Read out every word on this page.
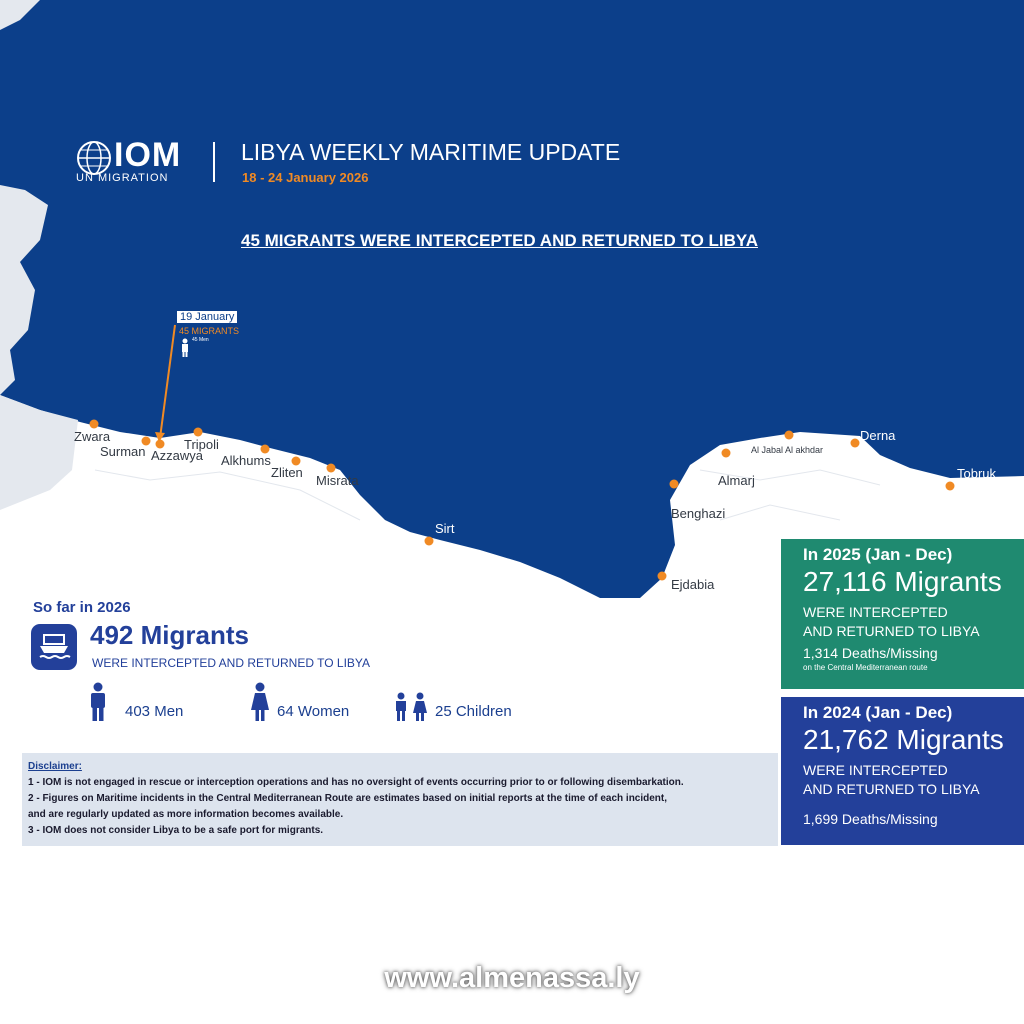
IOM
UN MIGRATION
LIBYA WEEKLY MARITIME UPDATE
18 - 24 January 2026
45 MIGRANTS WERE INTERCEPTED AND RETURNED TO LIBYA
19 January
45 MIGRANTS
45 Men
Zwara
Surman Azzawya
Tripoli
Alkhums
Zliten
Misrata
Sirt
Benghazi
Ejdabia
Almarj
Al Jabal Al akhdar
Derna
Tobruk
So far in 2026
492 Migrants
WERE INTERCEPTED AND RETURNED TO LIBYA
403 Men	64 Women	25 Children
In 2025 (Jan - Dec)
27,116 Migrants
WERE INTERCEPTED
AND RETURNED TO LIBYA
1,314 Deaths/Missing
on the Central Mediterranean route
In 2024 (Jan - Dec)
21,762 Migrants
WERE INTERCEPTED
AND RETURNED TO LIBYA
1,699 Deaths/Missing
Disclaimer:
1 - IOM is not engaged in rescue or interception operations and has no oversight of events occurring prior to or following disembarkation.
2 - Figures on Maritime incidents in the Central Mediterranean Route are estimates based on initial reports at the time of each incident,
and are regularly updated as more information becomes available.
3 - IOM does not consider Libya to be a safe port for migrants.
www.almenassa.ly
